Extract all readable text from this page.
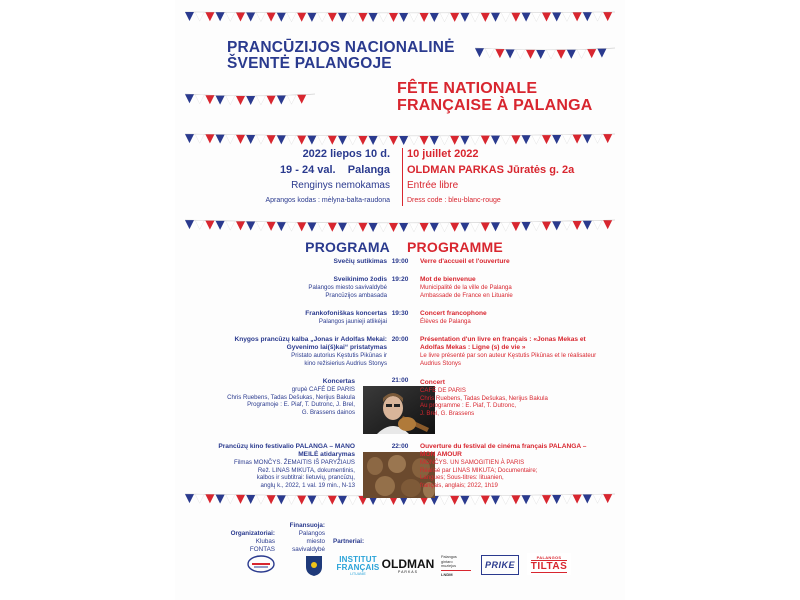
PRANCŪZIJOS NACIONALINĖ
ŠVENTĖ PALANGOJE
FÊTE NATIONALE
FRANÇAISE À PALANGA
2022 liepos 10 d.
19 - 24 val.    Palanga
Renginys nemokamas
Aprangos kodas : mėlyna-balta-raudona
10 juillet 2022
OLDMAN PARKAS Jūratės g. 2a
Entrée libre
Dress code : bleu-blanc-rouge
PROGRAMA PROGRAMME
Svečių sutikimas 19:00	Verre d'accueil et l'ouverture
Sveikinimo žodis
Palangos miesto savivaldybė
Prancūzijos ambasada
19:20	Mot de bienvenue
Municipalité de la ville de Palanga
Ambassade de France en Lituanie
Frankofoniškas koncertas
Palangos jaunieji atlikėjai
19:30	Concert francophone
Élèves de Palanga
Knygos prancūzų kalba „Jonas ir Adolfas Mekai: Gyvenimo lai(š)kai“ pristatymas
Pristato autorius Kęstutis Pikūnas ir
kino režisierius Audrius Stonys
20:00	Présentation d'un livre en français : «Jonas Mekas et Adolfas Mekas : Ligne (s) de vie »
Le livre présenté par son auteur Kęstutis Pikūnas et le réalisateur Audrius Stonys
Koncertas
grupė CAFÉ DE PARIS
Chris Ruebens, Tadas Dešukas, Nerijus Bakula
Programoje : E. Piaf, T. Dutronc, J. Brel,
G. Brassens dainos
21:00	Concert
CAFÉ DE PARIS
Chris Ruebens, Tadas Dešukas, Nerijus Bakula
Au programme : E. Piaf, T. Dutronc,
J. Brel, G. Brassens
Prancūzų kino festivalio PALANGA – MANO MEILĖ atidarymas
Filmas MONČYS. ŽEMAITIS IŠ PARYŽIAUS
Rež. LINAS MIKUTA, dokumentinis,
kalbos ir subtitrai: lietuvių, prancūzų,
anglų k., 2022, 1 val. 19 min., N-13
22:00	Ouverture du festival de cinéma français PALANGA – MON AMOUR
MONČYS. UN SAMOGITIEN À PARIS
Réalisé par LINAS MIKUTA; Documentaire;
Langues; Sous-titres: lituanien,
français, anglais; 2022, 1h19
Organizatoriai:
Klubas FONTAS
Finansuoja:
Palangos
miesto savivaldybė
Partneriai:
INSTITUT
FRANÇAIS
LITUANIE
OLDMAN
PARKAS
Palangos
gintaro
muziejus
LNDM
PRIKE
PALANGOS
TILTAS
